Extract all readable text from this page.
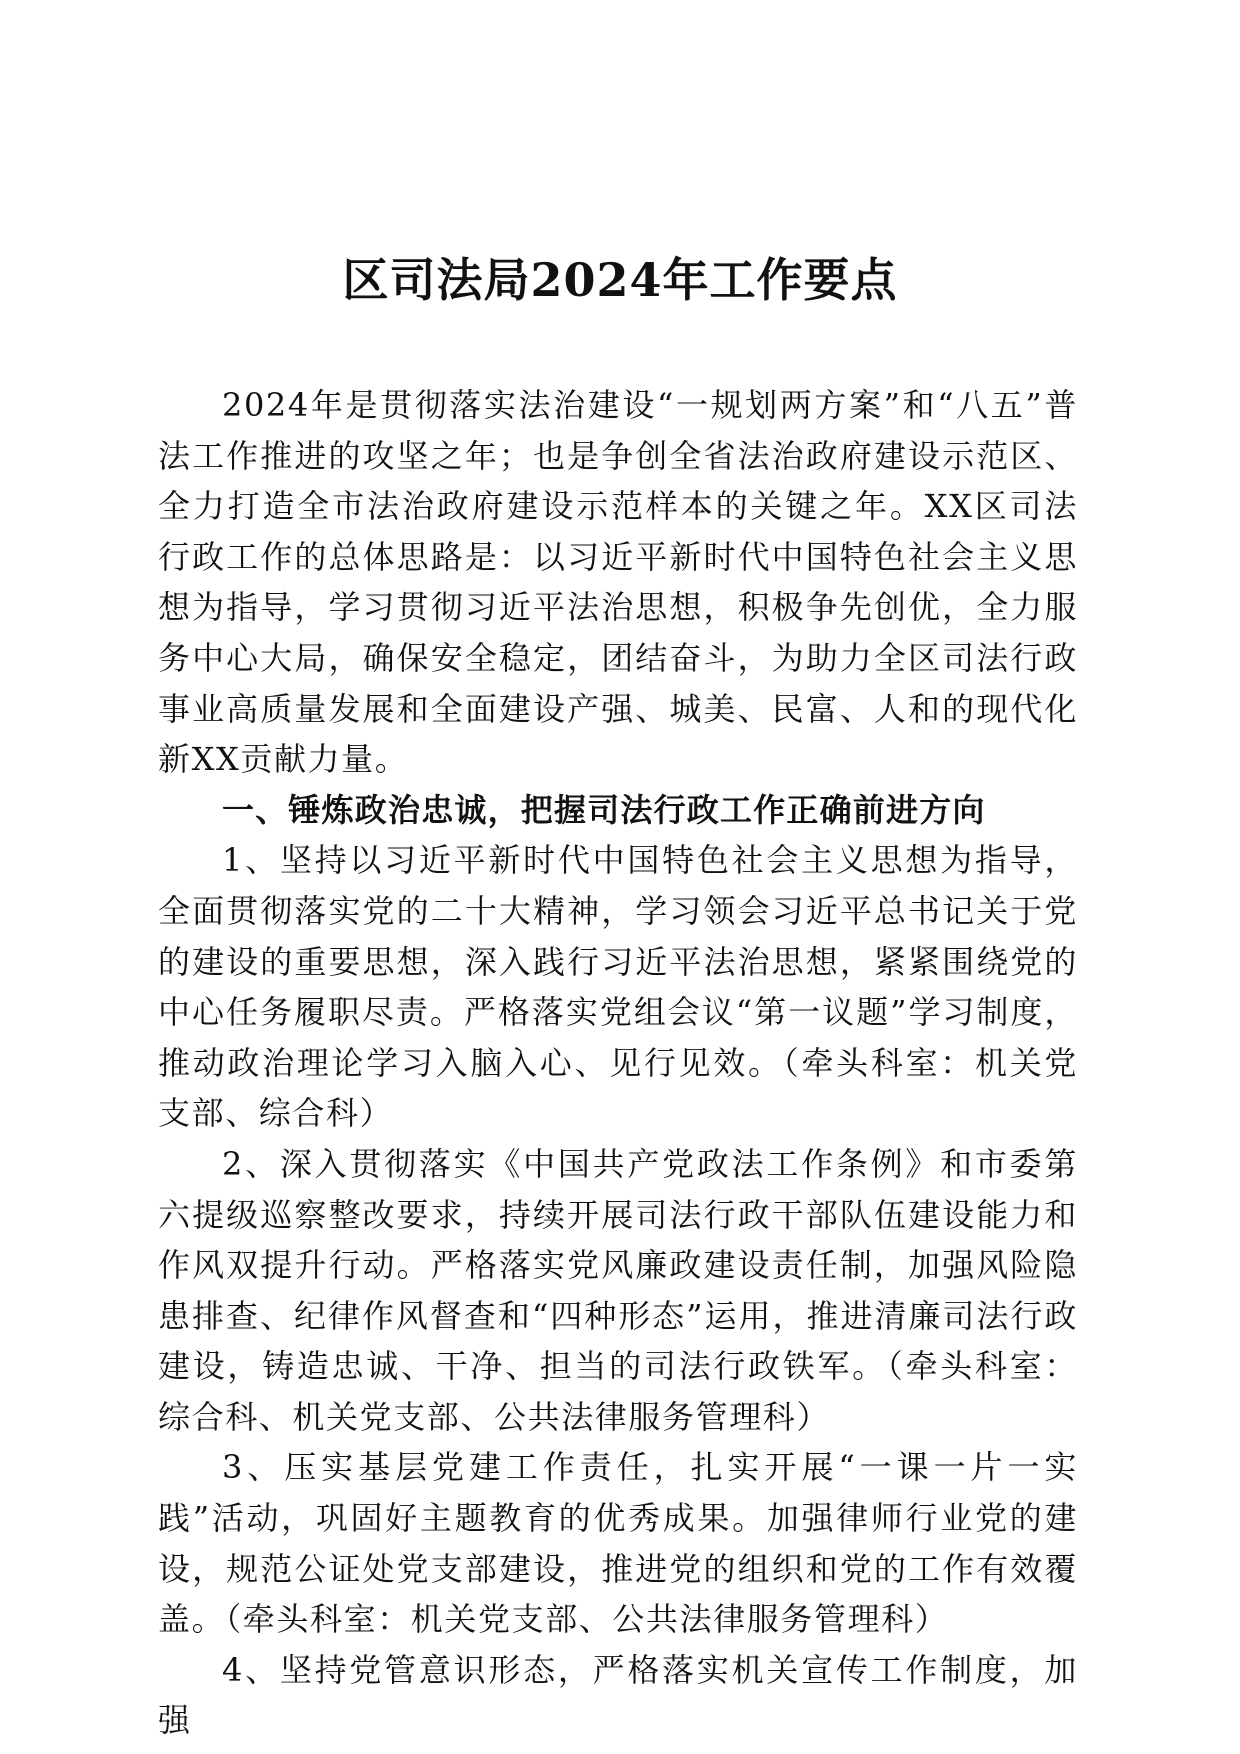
区司法局2024年工作要点

2024年是贯彻落实法治建设“一规划两方案”和“八五”普法工作推进的攻坚之年；也是争创全省法治政府建设示范区、全力打造全市法治政府建设示范样本的关键之年。XX区司法行政工作的总体思路是：以习近平新时代中国特色社会主义思想为指导，学习贯彻习近平法治思想，积极争先创优，全力服务中心大局，确保安全稳定，团结奋斗，为助力全区司法行政事业高质量发展和全面建设产强、城美、民富、人和的现代化新XX贡献力量。

一、锤炼政治忠诚，把握司法行政工作正确前进方向

1、坚持以习近平新时代中国特色社会主义思想为指导，全面贯彻落实党的二十大精神，学习领会习近平总书记关于党的建设的重要思想，深入践行习近平法治思想，紧紧围绕党的中心任务履职尽责。严格落实党组会议“第一议题”学习制度，推动政治理论学习入脑入心、见行见效。（牵头科室：机关党支部、综合科）

2、深入贯彻落实《中国共产党政法工作条例》和市委第六提级巡察整改要求，持续开展司法行政干部队伍建设能力和作风双提升行动。严格落实党风廉政建设责任制，加强风险隐患排查、纪律作风督查和“四种形态”运用，推进清廉司法行政建设，铸造忠诚、干净、担当的司法行政铁军。（牵头科室：综合科、机关党支部、公共法律服务管理科）

3、压实基层党建工作责任，扎实开展“一课一片一实践”活动，巩固好主题教育的优秀成果。加强律师行业党的建设，规范公证处党支部建设，推进党的组织和党的工作有效覆盖。（牵头科室：机关党支部、公共法律服务管理科）

4、坚持党管意识形态，严格落实机关宣传工作制度，加强
